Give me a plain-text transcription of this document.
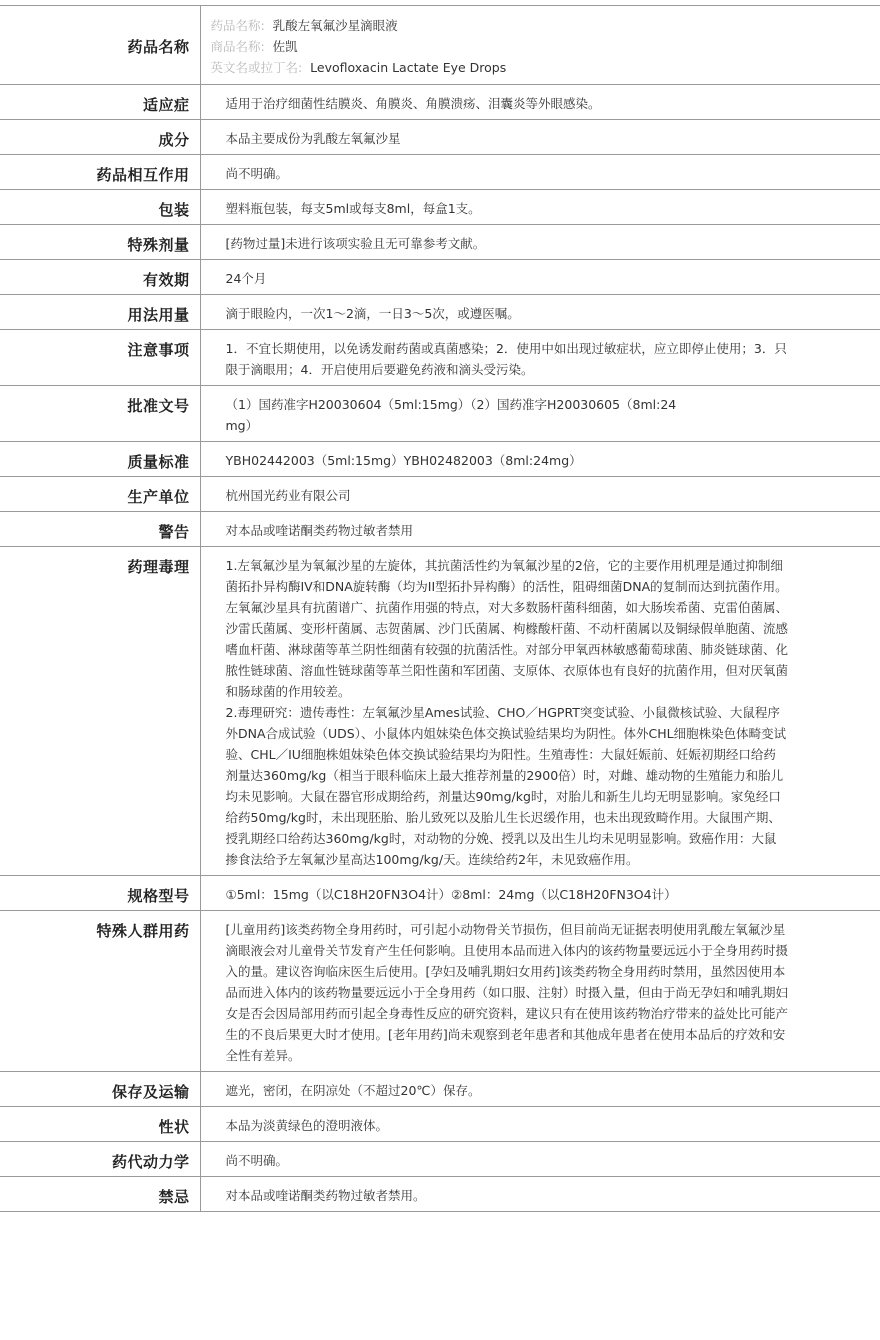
药品名称	药品名称: 乳酸左氧氟沙星滴眼液
商品名称: 佐凯
英文名或拉丁名: Levofloxacin Lactate Eye Drops

适应症	适用于治疗细菌性结膜炎、角膜炎、角膜溃疡、泪囊炎等外眼感染。
成分	本品主要成份为乳酸左氧氟沙星
药品相互作用	尚不明确。
包装	塑料瓶包装，每支5ml或每支8ml，每盒1支。
特殊剂量	[药物过量]未进行该项实验且无可靠参考文献。
有效期	24个月
用法用量	滴于眼睑内，一次1～2滴，一日3～5次，或遵医嘱。
注意事项	1．不宜长期使用，以免诱发耐药菌或真菌感染；2．使用中如出现过敏症状，应立即停止使用；3．只限于滴眼用；4．开启使用后要避免药液和滴头受污染。
批准文号	（1）国药准字H20030604（5ml:15mg）（2）国药准字H20030605（8ml:24mg）
质量标准	YBH02442003（5ml:15mg）YBH02482003（8ml:24mg）
生产单位	杭州国光药业有限公司
警告	对本品或喹诺酮类药物过敏者禁用
药理毒理	1.左氧氟沙星为氧氟沙星的左旋体，其抗菌活性约为氧氟沙星的2倍，它的主要作用机理是通过抑制细菌拓扑异构酶IV和DNA旋转酶（均为II型拓扑异构酶）的活性，阻碍细菌DNA的复制而达到抗菌作用。左氧氟沙星具有抗菌谱广、抗菌作用强的特点，对大多数肠杆菌科细菌，如大肠埃希菌、克雷伯菌属、沙雷氏菌属、变形杆菌属、志贺菌属、沙门氏菌属、枸橼酸杆菌、不动杆菌属以及铜绿假单胞菌、流感嗜血杆菌、淋球菌等革兰阴性细菌有较强的抗菌活性。对部分甲氧西林敏感葡萄球菌、肺炎链球菌、化脓性链球菌、溶血性链球菌等革兰阳性菌和军团菌、支原体、衣原体也有良好的抗菌作用，但对厌氧菌和肠球菌的作用较差。
2.毒理研究：遗传毒性：左氧氟沙星Ames试验、CHO／HGPRT突变试验、小鼠微核试验、大鼠程序外DNA合成试验（UDS）、小鼠体内姐妹染色体交换试验结果均为阴性。体外CHL细胞株染色体畸变试验、CHL／IU细胞株姐妹染色体交换试验结果均为阳性。生殖毒性：大鼠妊娠前、妊娠初期经口给药剂量达360mg/kg（相当于眼科临床上最大推荐剂量的2900倍）时，对雌、雄动物的生殖能力和胎儿均未见影响。大鼠在器官形成期给药，剂量达90mg/kg时，对胎儿和新生儿均无明显影响。家兔经口给药50mg/kg时，未出现胚胎、胎儿致死以及胎儿生长迟缓作用，也未出现致畸作用。大鼠围产期、授乳期经口给药达360mg/kg时，对动物的分娩、授乳以及出生儿均未见明显影响。致癌作用：大鼠掺食法给予左氧氟沙星高达100mg/kg/天。连续给药2年，未见致癌作用。

规格型号	①5ml：15mg（以C18H20FN3O4计）②8ml：24mg（以C18H20FN3O4计）
特殊人群用药	[儿童用药]该类药物全身用药时，可引起小动物骨关节损伤，但目前尚无证据表明使用乳酸左氧氟沙星滴眼液会对儿童骨关节发育产生任何影响。且使用本品而进入体内的该药物量要远远小于全身用药时摄入的量。建议咨询临床医生后使用。[孕妇及哺乳期妇女用药]该类药物全身用药时禁用，虽然因使用本品而进入体内的该药物量要远远小于全身用药（如口服、注射）时摄入量，但由于尚无孕妇和哺乳期妇女是否会因局部用药而引起全身毒性反应的研究资料，建议只有在使用该药物治疗带来的益处比可能产生的不良后果更大时才使用。[老年用药]尚未观察到老年患者和其他成年患者在使用本品后的疗效和安全性有差异。
保存及运输	遮光，密闭，在阴凉处（不超过20℃）保存。
性状	本品为淡黄绿色的澄明液体。
药代动力学	尚不明确。
禁忌	对本品或喹诺酮类药物过敏者禁用。
